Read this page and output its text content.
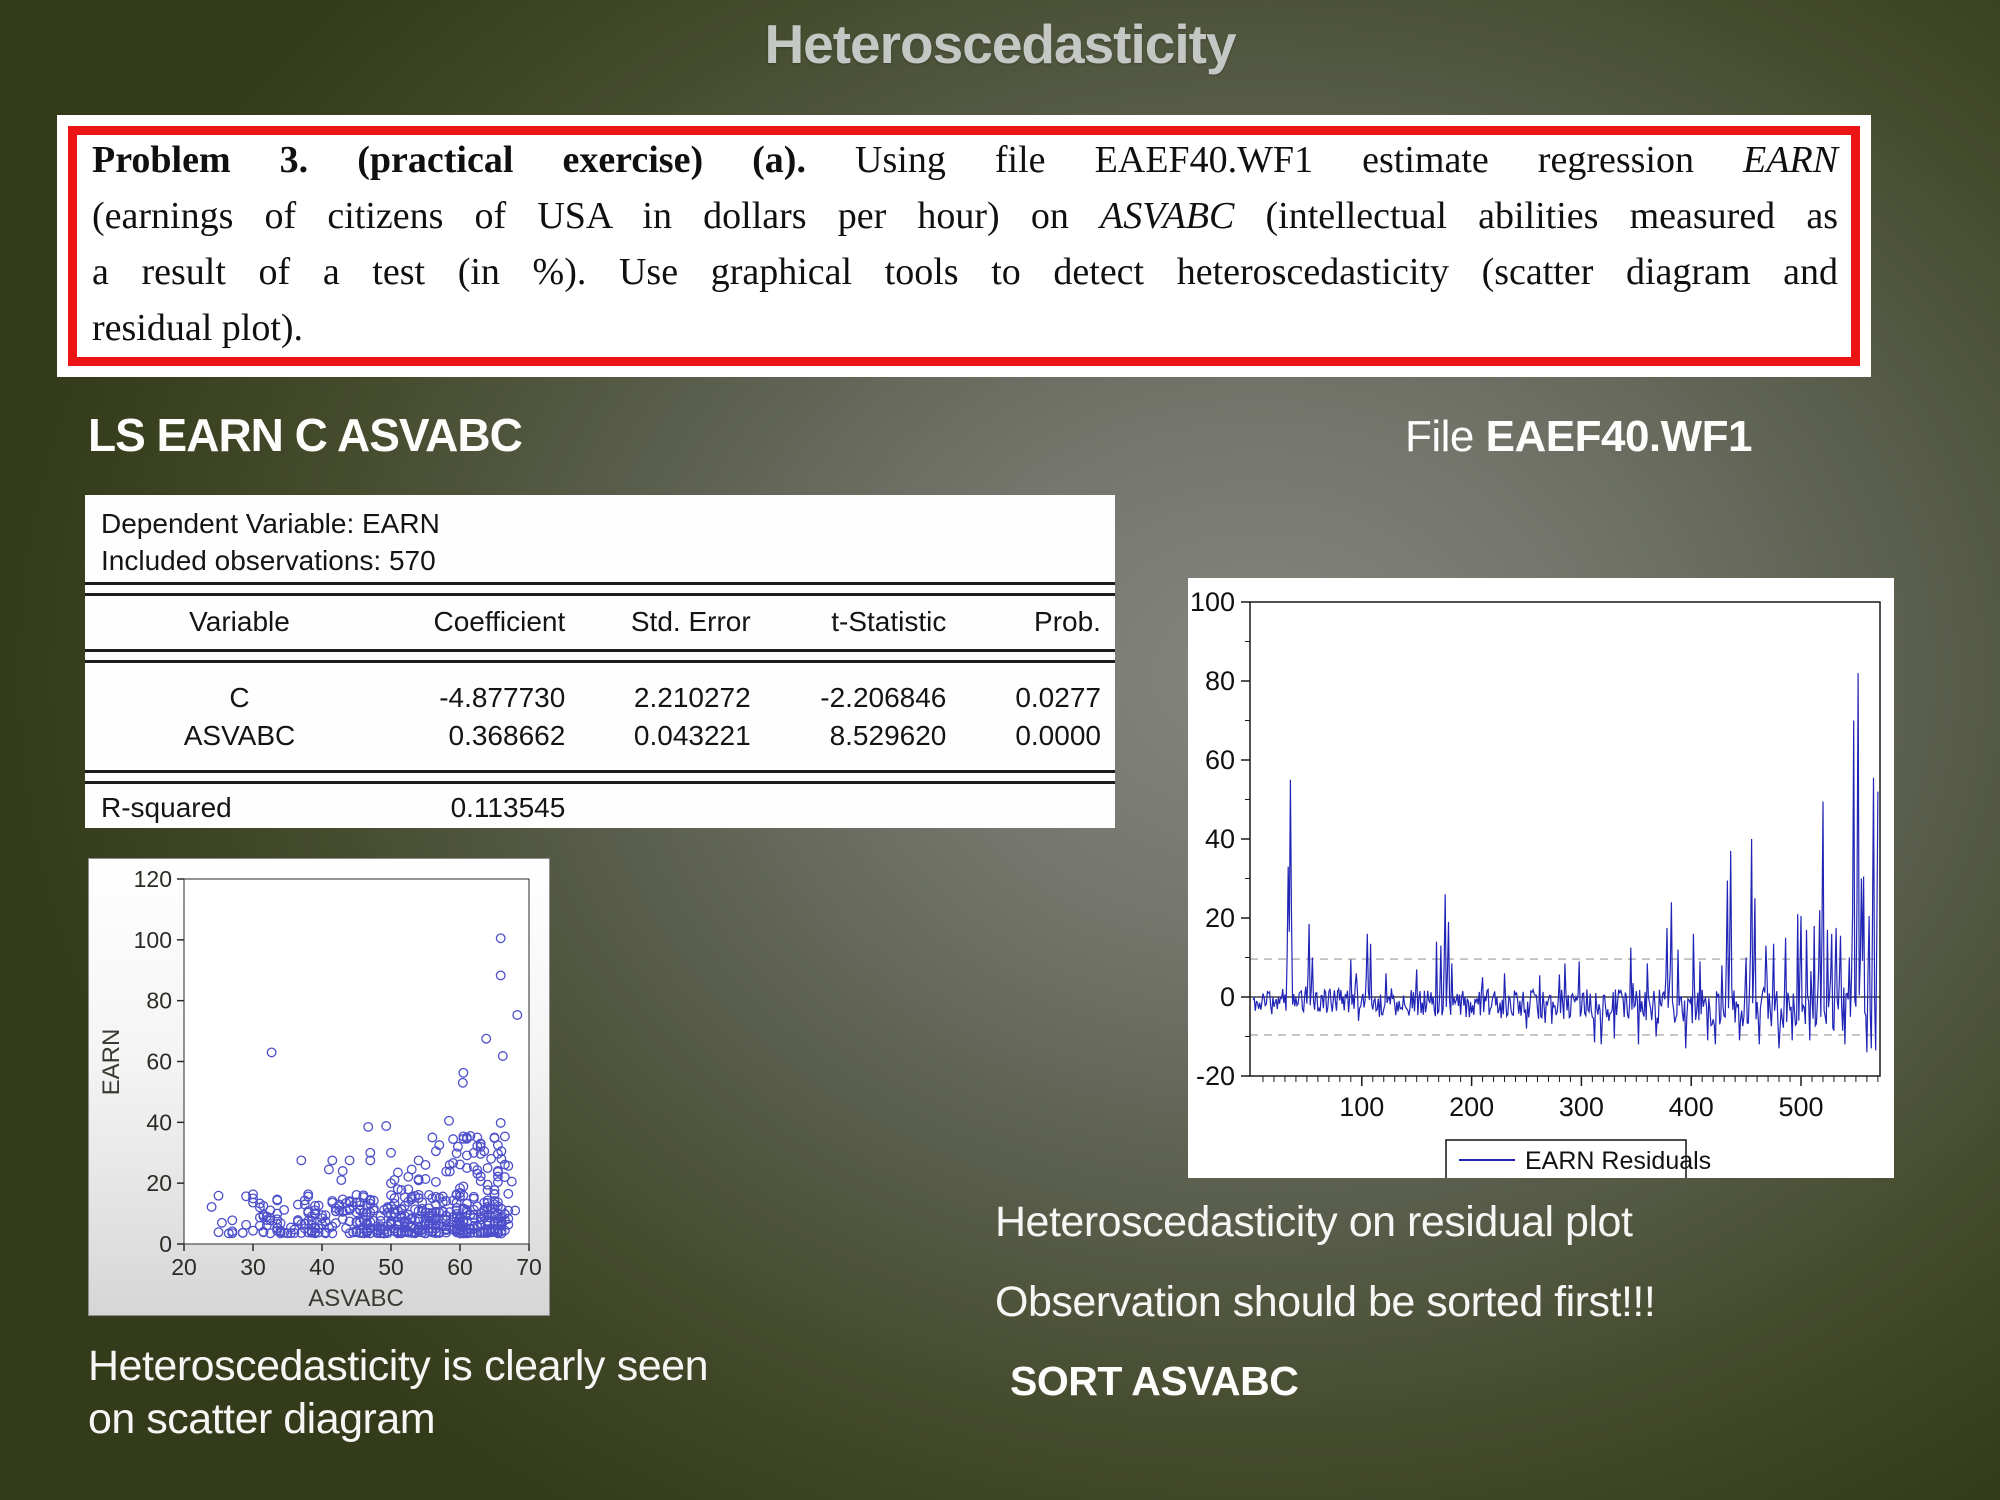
Heteroscedasticity
Problem 3. (practical exercise) (a). Using file EAEF40.WF1 estimate regression EARN
(earnings of citizens of USA in dollars per hour) on ASVABC (intellectual abilities measured as
a result of a test (in %). Use graphical tools to detect heteroscedasticity (scatter diagram and
residual plot).
LS EARN C ASVABC	File EAEF40.WF1
Dependent Variable: EARN
Included observations: 570
Variable	Coefficient	Std. Error	t-Statistic	Prob.
C	-4.877730	2.210272	-2.206846	0.0277
ASVABC	0.368662	0.043221	8.529620	0.0000
R-squared	0.113545
0
20
40
60
80
100
120
20 30 40 50 60 70
ASVABC
EARN	-20
0
20
40
60
80
100
100 200 300 400 500
EARN Residuals
Heteroscedasticity on residual plot
Observation should be sorted first!!!
SORT ASVABC
Heteroscedasticity is clearly seen on scatter diagram
